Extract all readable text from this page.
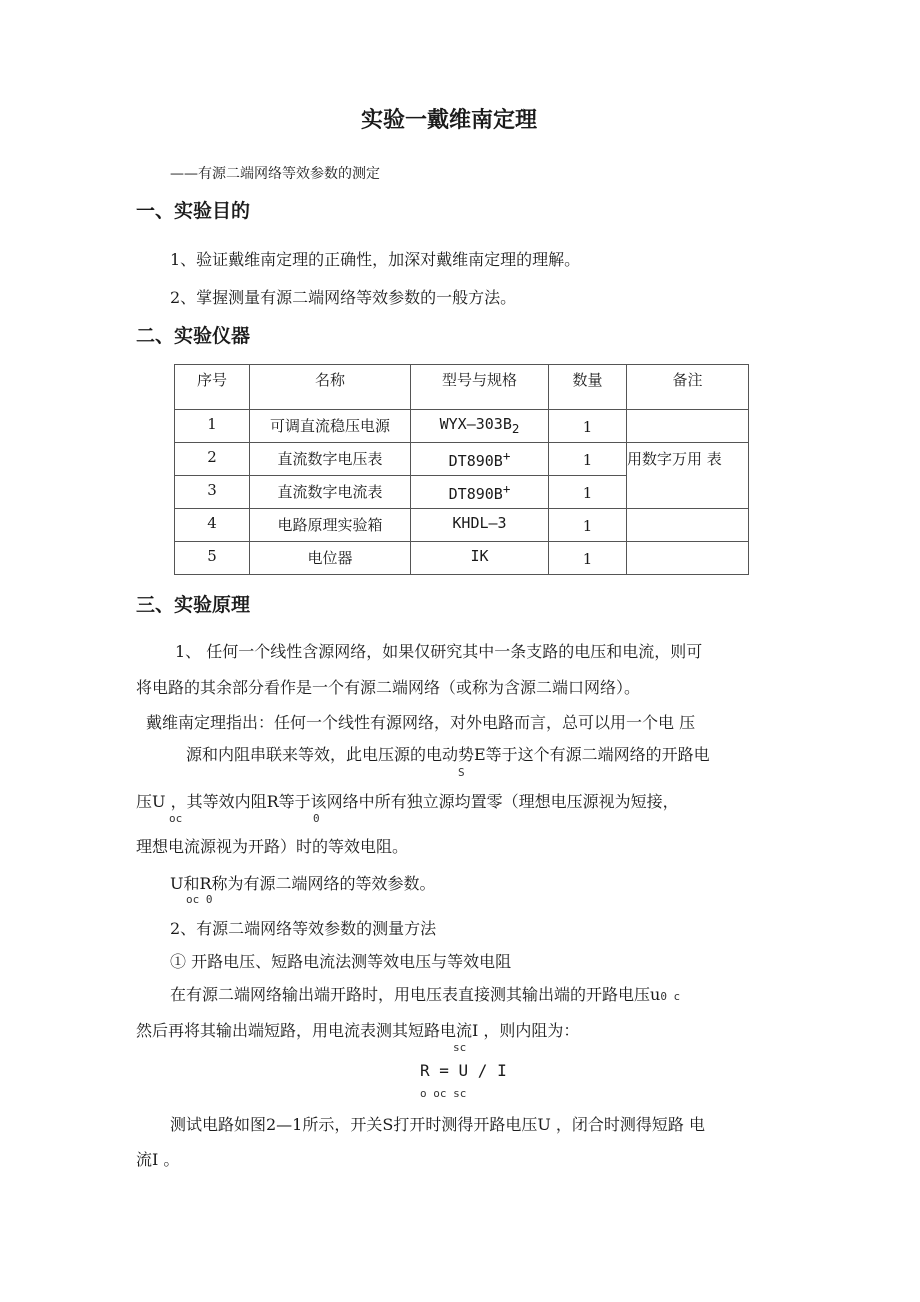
实验一戴维南定理
——有源二端网络等效参数的测定
一、实验目的
1、验证戴维南定理的正确性，加深对戴维南定理的理解。
2、掌握测量有源二端网络等效参数的一般方法。
二、实验仪器
序号	名称	型号与规格	数量	备注

1	可调直流稳压电源	$WYX—303B_2$	1	

2	直流数字电压表	DT890B+	1	用数字万用 表

3	直流数字电流表	DT890B+	1	

4	电路原理实验箱	KHDL—3	1	

5	电位器	IK	1	

三、实验原理
1、 任何一个线性含源网络，如果仅研究其中一条支路的电压和电流，则可
将电路的其余部分看作是一个有源二端网络（或称为含源二端口网络）。
戴维南定理指出：任何一个线性有源网络，对外电路而言，总可以用一个电 压
源和内阻串联来等效，此电压源的电动势E等于这个有源二端网络的开路电
S
压U ，其等效内阻R等于该网络中所有独立源均置零（理想电压源视为短接，
oc	0
理想电流源视为开路）时的等效电阻。
U和R称为有源二端网络的等效参数。
oc 0
2、有源二端网络等效参数的测量方法
① 开路电压、短路电流法测等效电压与等效电阻
在有源二端网络输出端开路时，用电压表直接测其输出端的开路电压u0 c
然后再将其输出端短路，用电流表测其短路电流I ，则内阻为：
sc
R = U / I
o oc sc
测试电路如图2—1所示，开关S打开时测得开路电压U ，闭合时测得短路 电
流I 。
